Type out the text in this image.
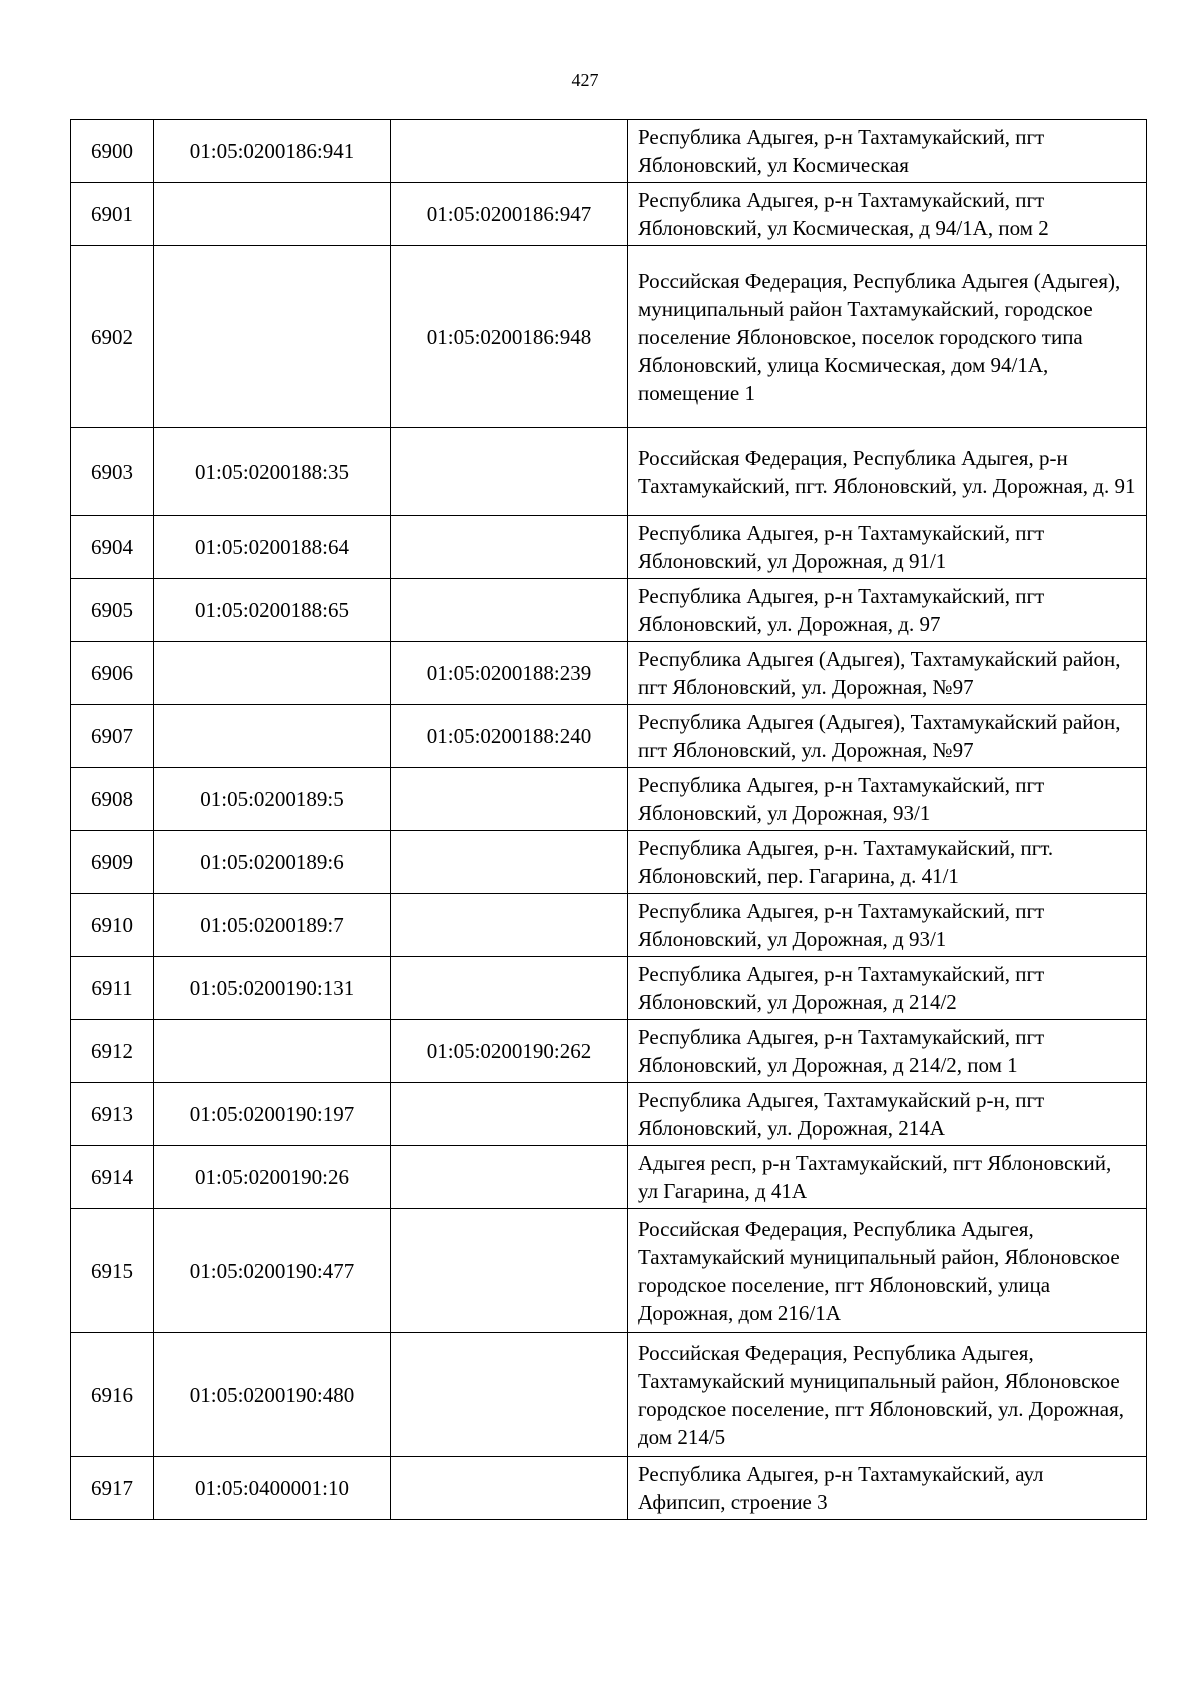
427
6900	01:05:0200186:941		Республика Адыгея, р-н Тахтамукайский, пгт Яблоновский, ул Космическая
6901		01:05:0200186:947	Республика Адыгея, р-н Тахтамукайский, пгт Яблоновский, ул Космическая, д 94/1А, пом 2
6902		01:05:0200186:948	Российская Федерация, Республика Адыгея (Адыгея), муниципальный район Тахтамукайский, городское поселение Яблоновское, поселок городского типа Яблоновский, улица Космическая, дом 94/1А, помещение 1
6903	01:05:0200188:35		Российская Федерация, Республика Адыгея, р-н Тахтамукайский, пгт. Яблоновский, ул. Дорожная, д. 91
6904	01:05:0200188:64		Республика Адыгея, р-н Тахтамукайский, пгт Яблоновский, ул Дорожная, д 91/1
6905	01:05:0200188:65		Республика Адыгея, р-н Тахтамукайский, пгт Яблоновский, ул. Дорожная, д. 97
6906		01:05:0200188:239	Республика Адыгея (Адыгея), Тахтамукайский район, пгт Яблоновский, ул. Дорожная, №97
6907		01:05:0200188:240	Республика Адыгея (Адыгея), Тахтамукайский район, пгт Яблоновский, ул. Дорожная, №97
6908	01:05:0200189:5		Республика Адыгея, р-н Тахтамукайский, пгт Яблоновский, ул Дорожная, 93/1
6909	01:05:0200189:6		Республика Адыгея, р-н. Тахтамукайский, пгт. Яблоновский, пер. Гагарина, д. 41/1
6910	01:05:0200189:7		Республика Адыгея, р-н Тахтамукайский, пгт Яблоновский, ул Дорожная, д 93/1
6911	01:05:0200190:131		Республика Адыгея, р-н Тахтамукайский, пгт Яблоновский, ул Дорожная, д 214/2
6912		01:05:0200190:262	Республика Адыгея, р-н Тахтамукайский, пгт Яблоновский, ул Дорожная, д 214/2, пом 1
6913	01:05:0200190:197		Республика Адыгея, Тахтамукайский р-н, пгт Яблоновский, ул. Дорожная, 214А
6914	01:05:0200190:26		Адыгея респ, р-н Тахтамукайский, пгт Яблоновский, ул Гагарина, д 41А
6915	01:05:0200190:477		Российская Федерация, Республика Адыгея, Тахтамукайский муниципальный район, Яблоновское городское поселение, пгт Яблоновский, улица Дорожная, дом 216/1А
6916	01:05:0200190:480		Российская Федерация, Республика Адыгея, Тахтамукайский муниципальный район, Яблоновское городское поселение, пгт Яблоновский, ул. Дорожная, дом 214/5
6917	01:05:0400001:10		Республика Адыгея, р-н Тахтамукайский, аул Афипсип, строение 3
